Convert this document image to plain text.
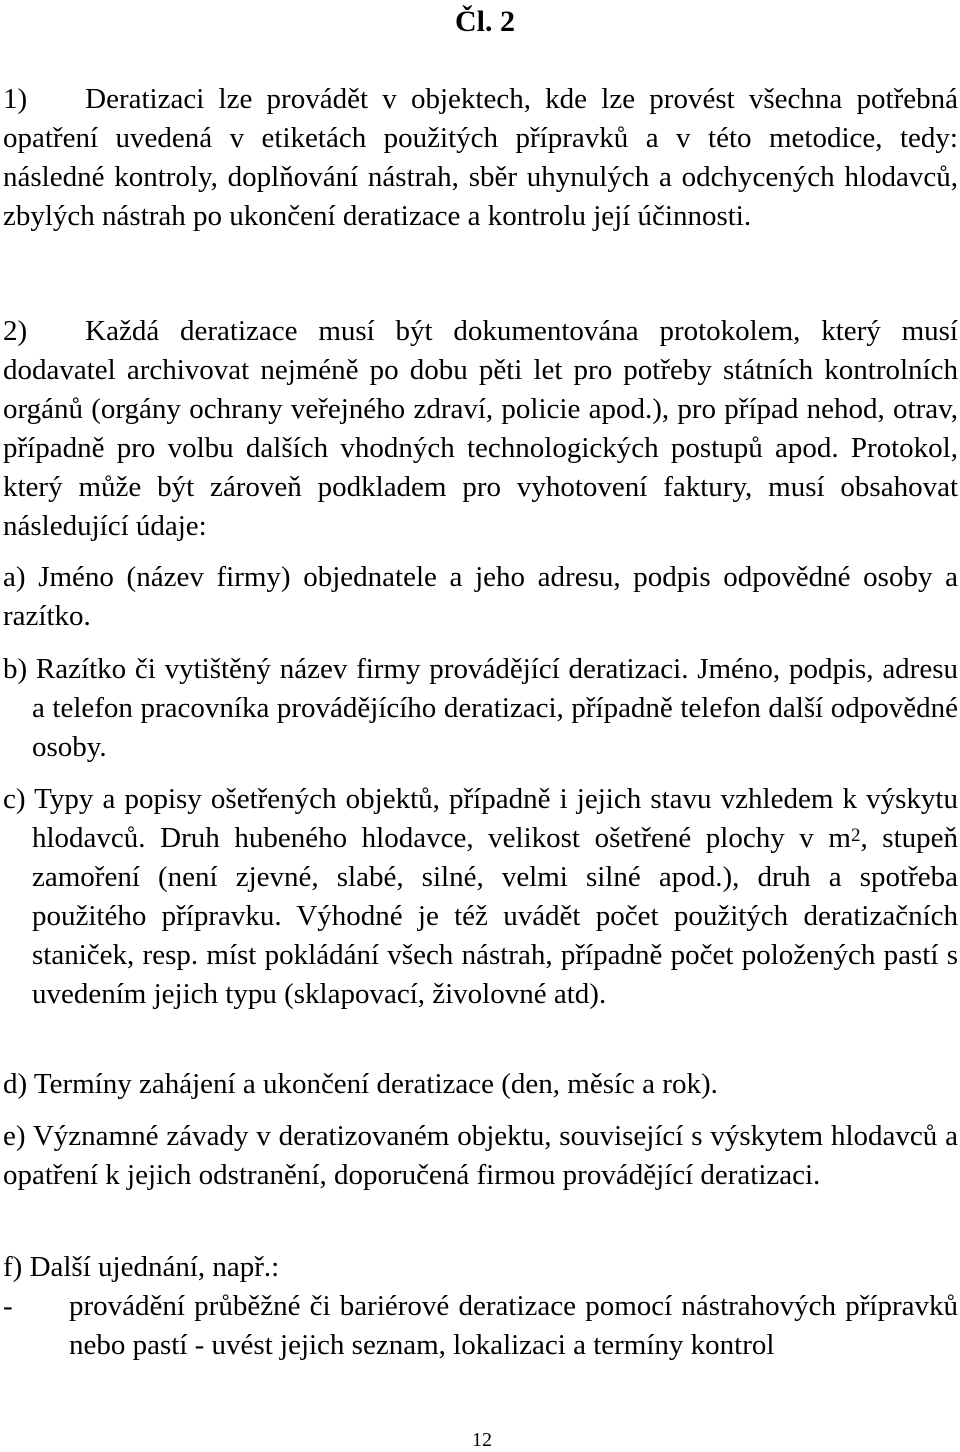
Čl. 2
1)  Deratizaci lze provádět v objektech, kde lze provést všechna potřebná opatření uvedená v etiketách použitých přípravků a v této metodice, tedy: následné kontroly, doplňování nástrah, sběr uhynulých a odchycených hlodavců, zbylých nástrah po ukončení deratizace a kontrolu její účinnosti.
2)  Každá deratizace musí být dokumentována protokolem, který musí dodavatel archivovat nejméně po dobu pěti let pro potřeby státních kontrolních orgánů (orgány ochrany veřejného zdraví, policie apod.), pro případ nehod, otrav, případně pro volbu dalších vhodných technologických postupů apod. Protokol, který může být zároveň podkladem pro vyhotovení faktury, musí obsahovat následující údaje:
a) Jméno (název firmy) objednatele a jeho adresu, podpis odpovědné osoby a razítko.
b) Razítko či vytištěný název firmy provádějící deratizaci. Jméno, podpis, adresu a telefon pracovníka provádějícího deratizaci, případně telefon další odpovědné osoby.
c) Typy a popisy ošetřených objektů, případně i jejich stavu vzhledem k výskytu hlodavců. Druh hubeného hlodavce, velikost ošetřené plochy v $m^2$, stupeň zamoření (není zjevné, slabé, silné, velmi silné apod.), druh a spotřeba použitého přípravku. Výhodné je též uvádět počet použitých deratizačních staniček, resp. míst pokládání všech nástrah, případně počet položených pastí s uvedením jejich typu (sklapovací, živolovné atd).
d) Termíny zahájení a ukončení deratizace (den, měsíc a rok).
e) Významné závady v deratizovaném objektu, související s výskytem hlodavců a opatření k jejich odstranění, doporučená firmou provádějící deratizaci.
f) Další ujednání, např.:
- provádění průběžné či bariérové deratizace pomocí nástrahových přípravků nebo pastí - uvést jejich seznam, lokalizaci a termíny kontrol
12
